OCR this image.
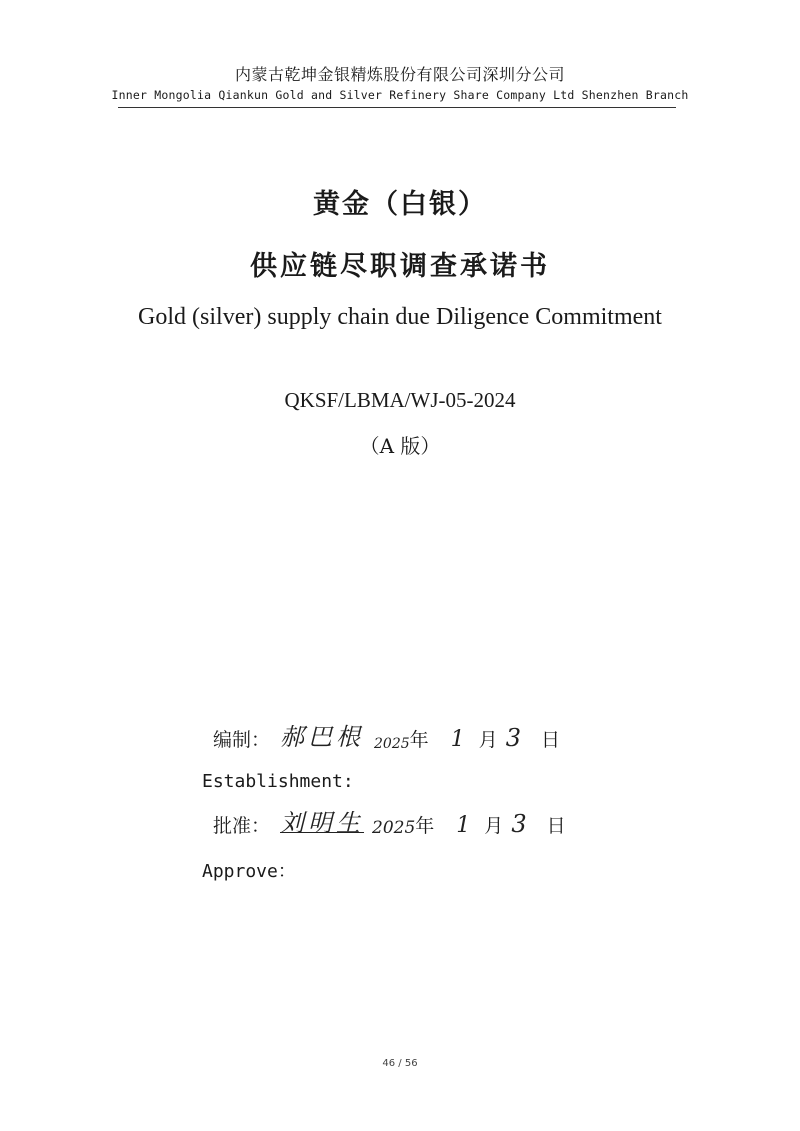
内蒙古乾坤金银精炼股份有限公司深圳分公司
Inner Mongolia Qiankun Gold and Silver Refinery Share Company Ltd Shenzhen Branch
黄金（白银）
供应链尽职调查承诺书
Gold (silver) supply chain due Diligence Commitment
QKSF/LBMA/WJ-05-2024
（A 版）
编制： 郝巴根 2025 年 1 月 3 日
Establishment:
批准： 刘明生 2025 年 1 月 3 日
Approve：
46 / 56
